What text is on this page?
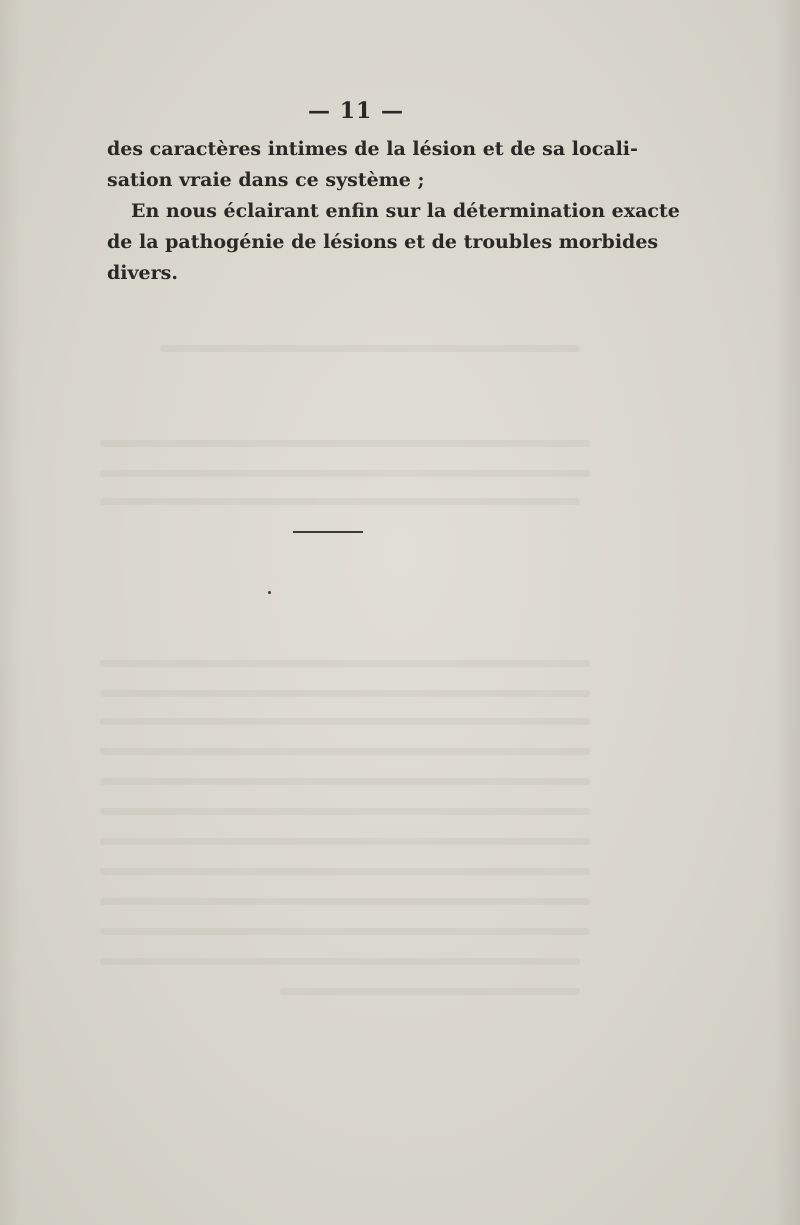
— 11 —
des caractères intimes de la lésion et de sa locali-
sation vraie dans ce système ;
En nous éclairant enfin sur la détermination exacte
de la pathogénie de lésions et de troubles morbides
divers.
